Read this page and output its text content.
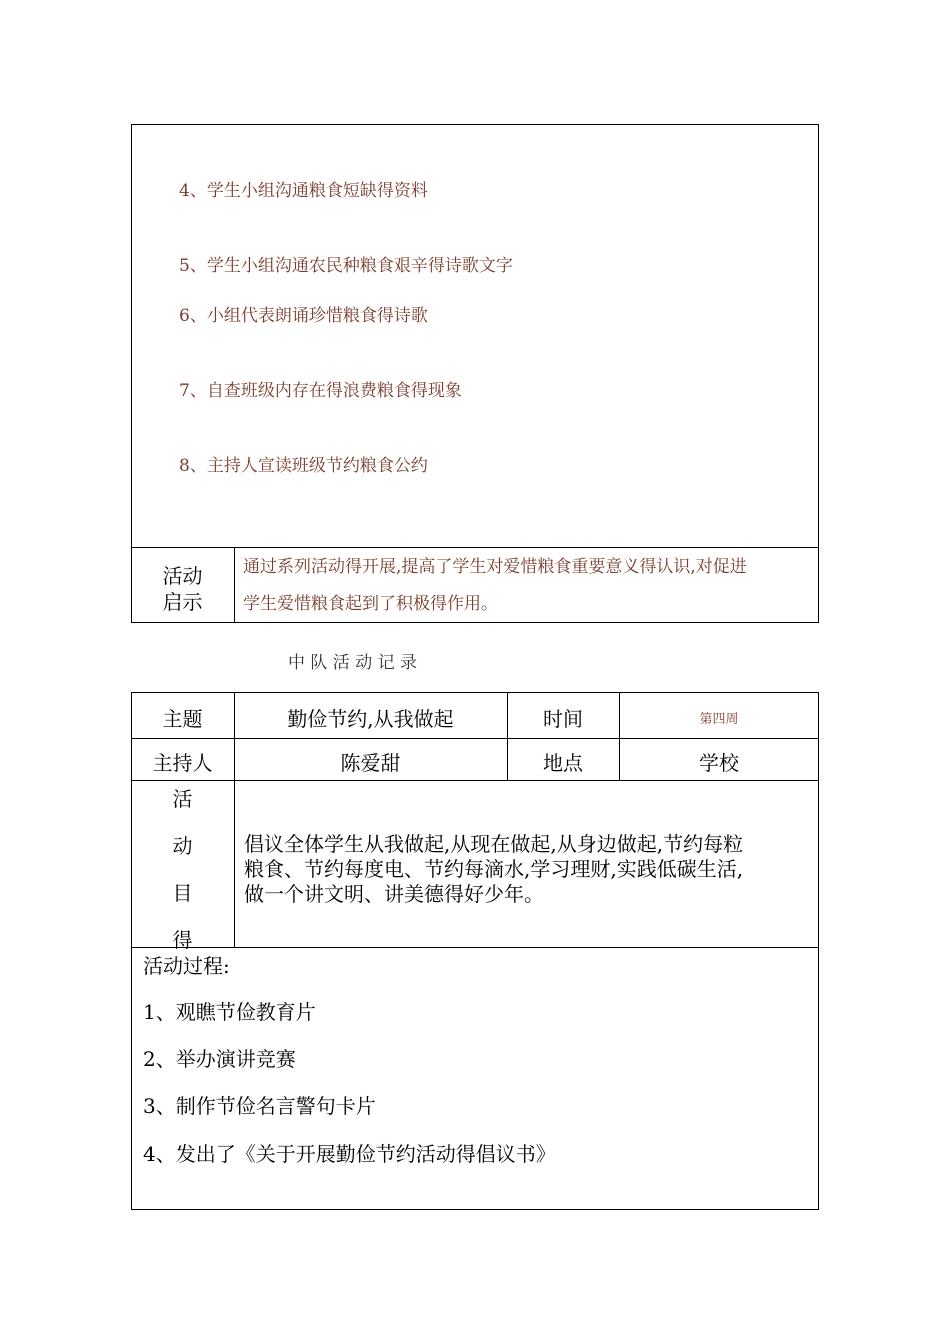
4、学生小组沟通粮食短缺得资料
5、学生小组沟通农民种粮食艰辛得诗歌文字
6、小组代表朗诵珍惜粮食得诗歌
7、自查班级内存在得浪费粮食得现象
8、主持人宣读班级节约粮食公约
活动
启示
通过系列活动得开展,提高了学生对爱惜粮食重要意义得认识,对促进
学生爱惜粮食起到了积极得作用。
中 队 活 动 记 录
主题	勤俭节约,从我做起	时间	第四周
主持人	陈爱甜	地点	学校
活
动
目
得
倡议全体学生从我做起,从现在做起,从身边做起,节约每粒
粮食、节约每度电、节约每滴水,学习理财,实践低碳生活,
做一个讲文明、讲美德得好少年。
活动过程:
1、观瞧节俭教育片
2、举办演讲竞赛
3、制作节俭名言警句卡片
4、发出了《关于开展勤俭节约活动得倡议书》
